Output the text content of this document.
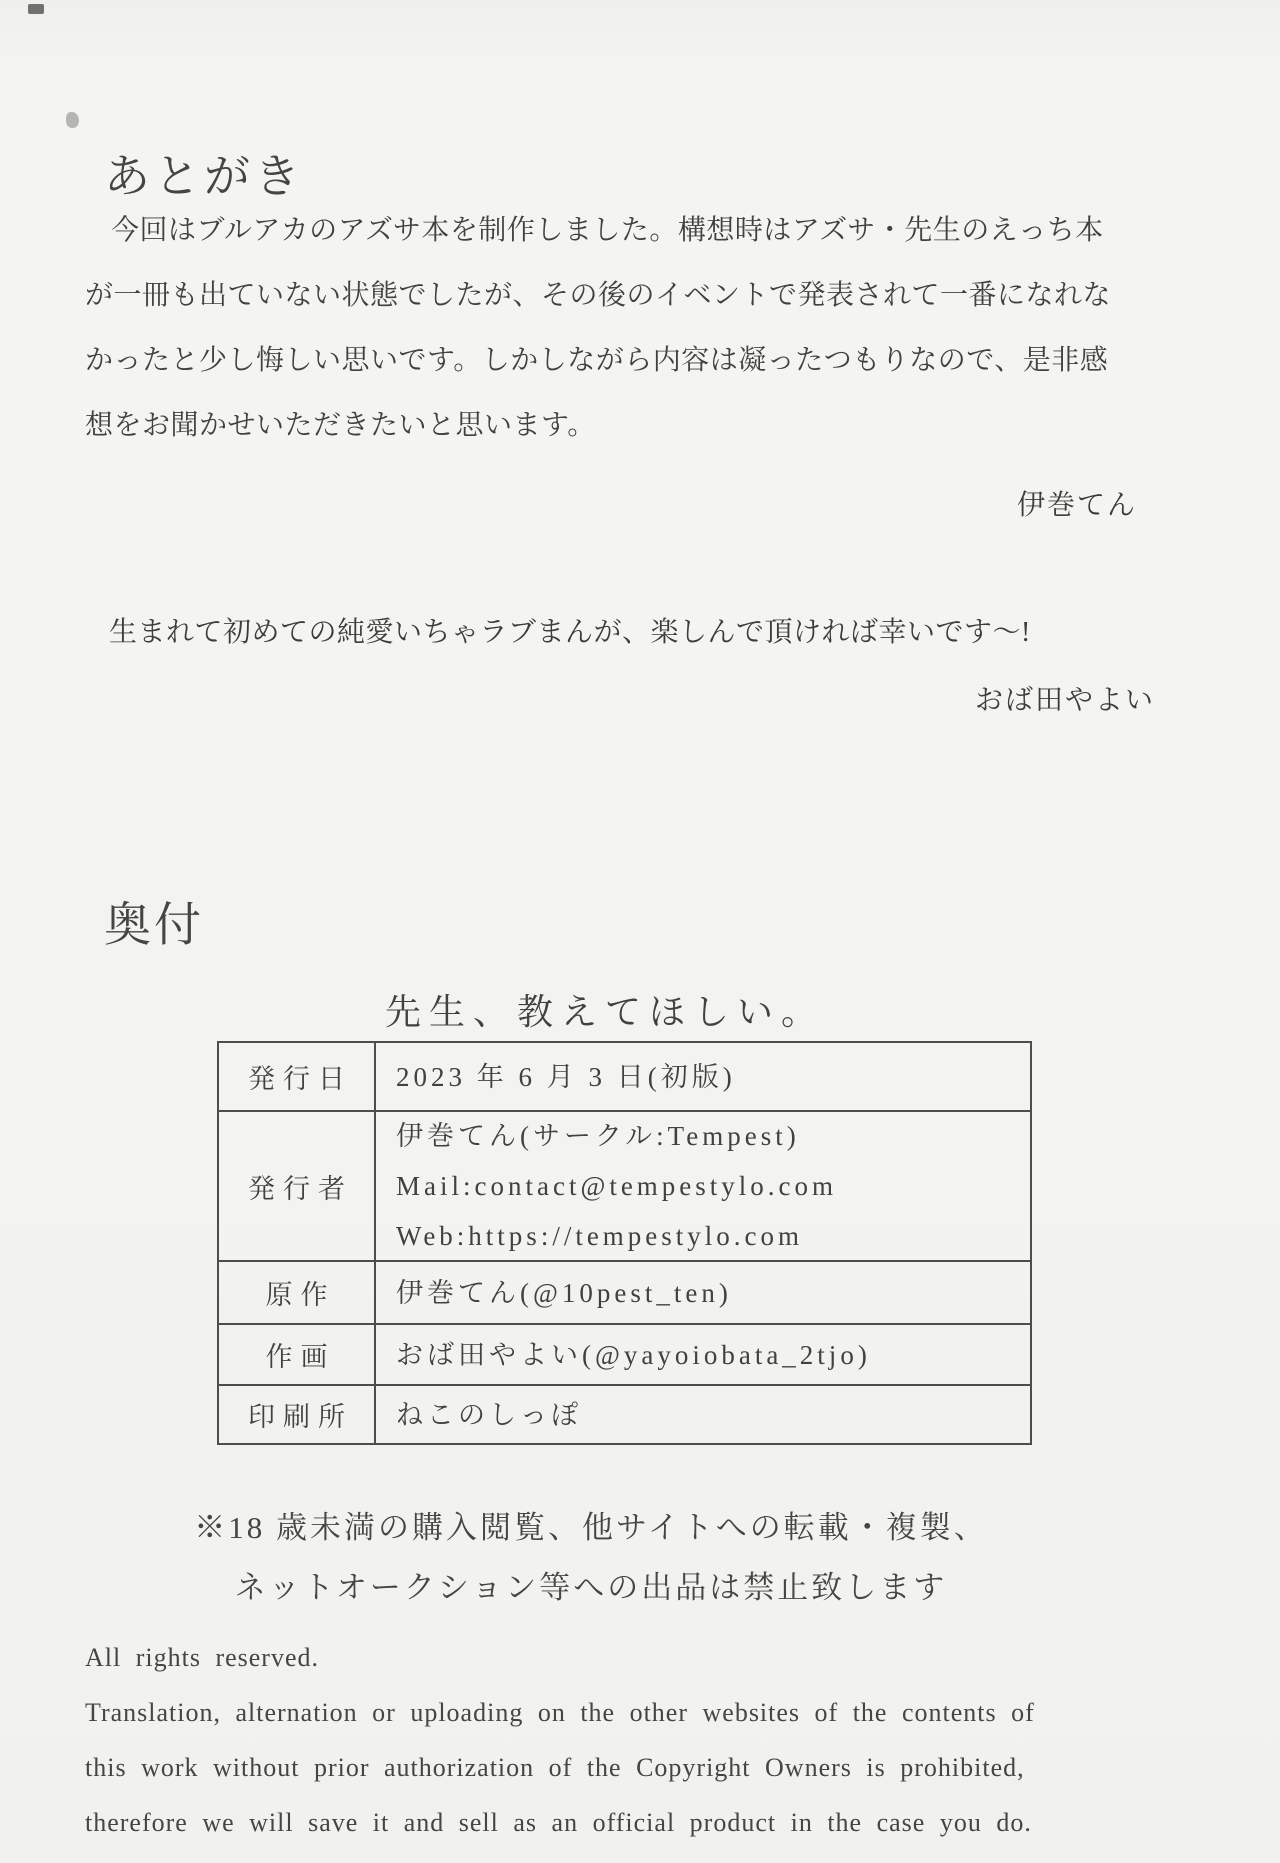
あとがき
今回はブルアカのアズサ本を制作しました。構想時はアズサ・先生のえっち本
が一冊も出ていない状態でしたが、その後のイベントで発表されて一番になれな
かったと少し悔しい思いです。しかしながら内容は凝ったつもりなので、是非感
想をお聞かせいただきたいと思います。
伊巻てん
生まれて初めての純愛いちゃラブまんが、楽しんで頂ければ幸いです〜!
おば田やよい
奥付
先生、教えてほしい。
発行日	2023 年 6 月 3 日(初版)
発行者
伊巻てん(サークル:Tempest)
Mail:contact@tempestylo.com
Web:https://tempestylo.com
原作	伊巻てん(@10pest_ten)
作画	おば田やよい(@yayoiobata_2tjo)
印刷所	ねこのしっぽ
※18 歳未満の購入閲覧、他サイトへの転載・複製、
ネットオークション等への出品は禁止致します
All rights reserved.
Translation, alternation or uploading on the other websites of the contents of
this work without prior authorization of the Copyright Owners is prohibited,
therefore we will save it and sell as an official product in the case you do.
